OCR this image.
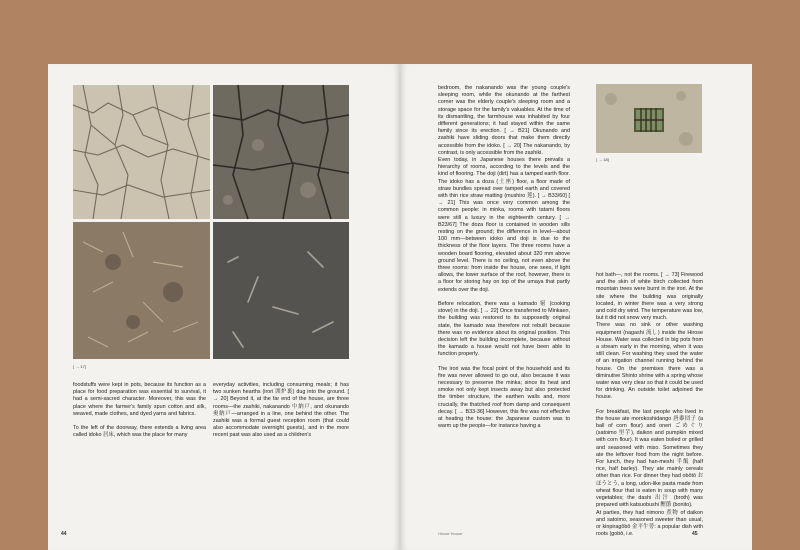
[ → 17]

foodstuffs were kept in pots, because its function as a place for food preparation was essential to survival, it had a semi-sacred character. Moreover, this was the place where the farmer's family spun cotton and silk, weaved, made clothes, and dyed yarns and fabrics.

To the left of the doorway, there extends a living area called idoko 居床, which was the place for many

everyday activities, including consuming meals; it has two sunken hearths (irori 囲炉裏) dug into the ground. [ → 20] Beyond it, at the far end of the house, are three rooms—the zashiki, nakanando 中納戸, and okunando 奥納戸—arranged in a line, one behind the other. The zashiki was a formal guest reception room (that could also accommodate overnight guests), and in the more recent past was also used as a children's

44

bedroom, the nakanando was the young couple's sleeping room, while the okunando at the farthest corner was the elderly couple's sleeping room and a storage space for the family's valuables. At the time of its dismantling, the farmhouse was inhabited by four different generations; it had stayed within the same family since its erection. [ → B21] Okunando and zashiki have sliding doors that make them directly accessible from the idoko. [ → 20] The nakanando, by contrast, is only accessible from the zashiki.

Even today, in Japanese houses there prevails a hierarchy of rooms, according to the levels and the kind of flooring. The doji (dirt) has a tamped earth floor. The idoko has a doza (土座) floor, a floor made of straw bundles spread over tamped earth and covered with thin rice straw matting (mushiro 莲). [ → B33/60] [ → 21] This was once very common among the common people: in minka, rooms with tatami floors were still a luxury in the eighteenth century. [ → B23/67] The doza floor is contained in wooden sills resting on the ground; the difference in level—about 100 mm—between idoko and doji is due to the thickness of the floor layers. The three rooms have a wooden board flooring, elevated about 320 mm above ground level. There is no ceiling, not even above the three rooms: from inside the house, one sees, if light allows, the lower surface of the roof, however, there is a floor for storing hay on top of the umaya that partly extends over the doji.

Before relocation, there was a kamado 窮 (cooking stove) in the doji. [ → 22] Once transferred to Minkaen, the building was restored to its supposedly original state, the kamado was therefore not rebuilt because there was no evidence about its original position. This decision left the building incomplete, because without the kamado a house would not have been able to function properly.

The irori was the focal point of the household and its fire was never allowed to go out, also because it was necessary to preserve the minka; since its heat and smoke not only kept insects away but also protected the timber structure, the earthen walls and, more crucially, the thatched roof from damp and consequent decay. [ → B33-36] However, this fire was not effective at heating the house: the Japanese custom was to warm up the people—for instance having a

[ → 18]

hot bath—, not the rooms. [ → 73] Firewood and the skin of white birch collected from mountain trees were burnt in the irori. At the site where the building was originally located, in winter there was a very strong and cold dry wind. The temperature was low, but it did not snow very much.

There was no sink or other washing equipment (nagashi 流し) inside the Hirose House. Water was collected in big pots from a stream early in the morning, when it was still clean. For washing they used the water of an irrigation channel running behind the house. On the premises there was a diminutive Shinto shrine with a spring whose water was very clear so that it could be used for drinking. An outside toilet adjoined the house.

For breakfast, the last people who lived in the house ate morokoshidango 唐黍団子 (a ball of corn flour) and oneri ごめぐり (satoimo 里芋), daikon and pumpkin mixed with corn flour). It was eaten boiled or grilled and seasoned with miso. Sometimes they ate the leftover food from the night before. For lunch, they had han-meshi 半飯 (half rice, half barley). They ate mainly cereals other than rice. For dinner they had obōtō おほうとう, a long, udon-like pasta made from wheat flour that is eaten in soup with many vegetables; the dashi 出汁 (broth) was prepared with katsuobushi 鰹節 (bonito).

At parties, they had nimono 煮物 of daikon and satoimo, seasoned sweeter than usual, or kinpiragōbō 金平牛蒡: a popular dish with roots (gobō, i.e.

Hirose House	45
